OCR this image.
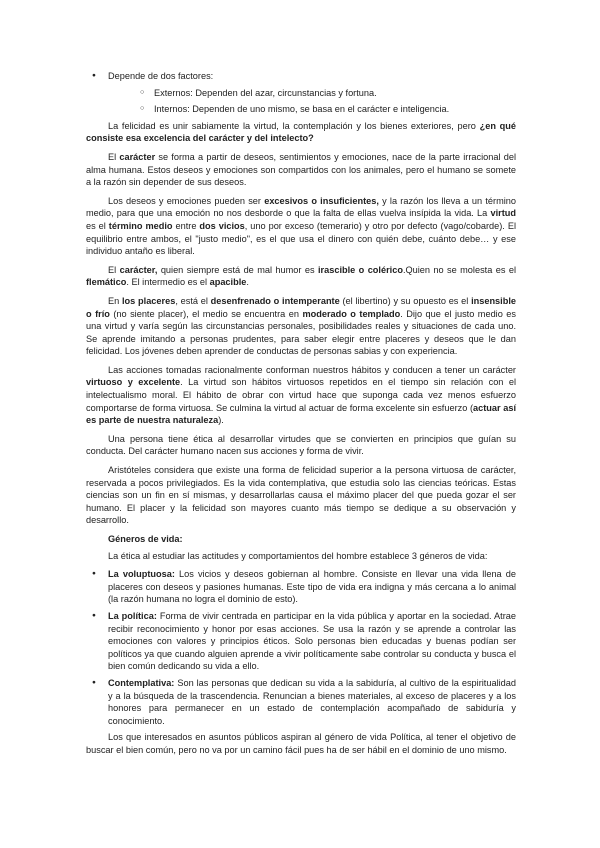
● Depende de dos factores:
○ Externos: Dependen del azar, circunstancias y fortuna.
○ Internos: Dependen de uno mismo, se basa en el carácter e inteligencia.

La felicidad es unir sabiamente la virtud, la contemplación y los bienes exteriores, pero ¿en qué consiste esa excelencia del carácter y del intelecto?

El carácter se forma a partir de deseos, sentimientos y emociones, nace de la parte irracional del alma humana. Estos deseos y emociones son compartidos con los animales, pero el humano se somete a la razón sin depender de sus deseos.

Los deseos y emociones pueden ser excesivos o insuficientes, y la razón los lleva a un término medio, para que una emoción no nos desborde o que la falta de ellas vuelva insípida la vida. La virtud es el término medio entre dos vicios, uno por exceso (temerario) y otro por defecto (vago/cobarde). El equilibrio entre ambos, el "justo medio", es el que usa el dinero con quién debe, cuánto debe… y ese individuo antaño es liberal.

El carácter, quien siempre está de mal humor es irascible o colérico.Quien no se molesta es el flemático. El intermedio es el apacible.

En los placeres, está el desenfrenado o intemperante (el libertino) y su opuesto es el insensible o frío (no siente placer), el medio se encuentra en moderado o templado. Dijo que el justo medio es una virtud y varía según las circunstancias personales, posibilidades reales y situaciones de cada uno. Se aprende imitando a personas prudentes, para saber elegir entre placeres y deseos que le dan felicidad. Los jóvenes deben aprender de conductas de personas sabias y con experiencia.

Las acciones tomadas racionalmente conforman nuestros hábitos y conducen a tener un carácter virtuoso y excelente. La virtud son hábitos virtuosos repetidos en el tiempo sin relación con el intelectualismo moral. El hábito de obrar con virtud hace que suponga cada vez menos esfuerzo comportarse de forma virtuosa. Se culmina la virtud al actuar de forma excelente sin esfuerzo (actuar así es parte de nuestra naturaleza).

Una persona tiene ética al desarrollar virtudes que se convierten en principios que guían su conducta. Del carácter humano nacen sus acciones y forma de vivir.

Aristóteles considera que existe una forma de felicidad superior a la persona virtuosa de carácter, reservada a pocos privilegiados. Es la vida contemplativa, que estudia solo las ciencias teóricas. Estas ciencias son un fin en sí mismas, y desarrollarlas causa el máximo placer del que pueda gozar el ser humano. El placer y la felicidad son mayores cuanto más tiempo se dedique a su observación y desarrollo.

Géneros de vida:

La ética al estudiar las actitudes y comportamientos del hombre establece 3 géneros de vida:

● La voluptuosa: Los vicios y deseos gobiernan al hombre. Consiste en llevar una vida llena de placeres con deseos y pasiones humanas. Este tipo de vida era indigna y más cercana a lo animal (la razón humana no logra el dominio de esto).
● La política: Forma de vivir centrada en participar en la vida pública y aportar en la sociedad. Atrae recibir reconocimiento y honor por esas acciones. Se usa la razón y se aprende a controlar las emociones con valores y principios éticos. Solo personas bien educadas y buenas podían ser políticos ya que cuando alguien aprende a vivir políticamente sabe controlar su conducta y busca el bien común dedicando su vida a ello.
● Contemplativa: Son las personas que dedican su vida a la sabiduría, al cultivo de la espiritualidad y a la búsqueda de la trascendencia. Renuncian a bienes materiales, al exceso de placeres y a los honores para permanecer en un estado de contemplación acompañado de sabiduría y conocimiento.

Los que interesados en asuntos públicos aspiran al género de vida Política, al tener el objetivo de buscar el bien común, pero no va por un camino fácil pues ha de ser hábil en el dominio de uno mismo.
